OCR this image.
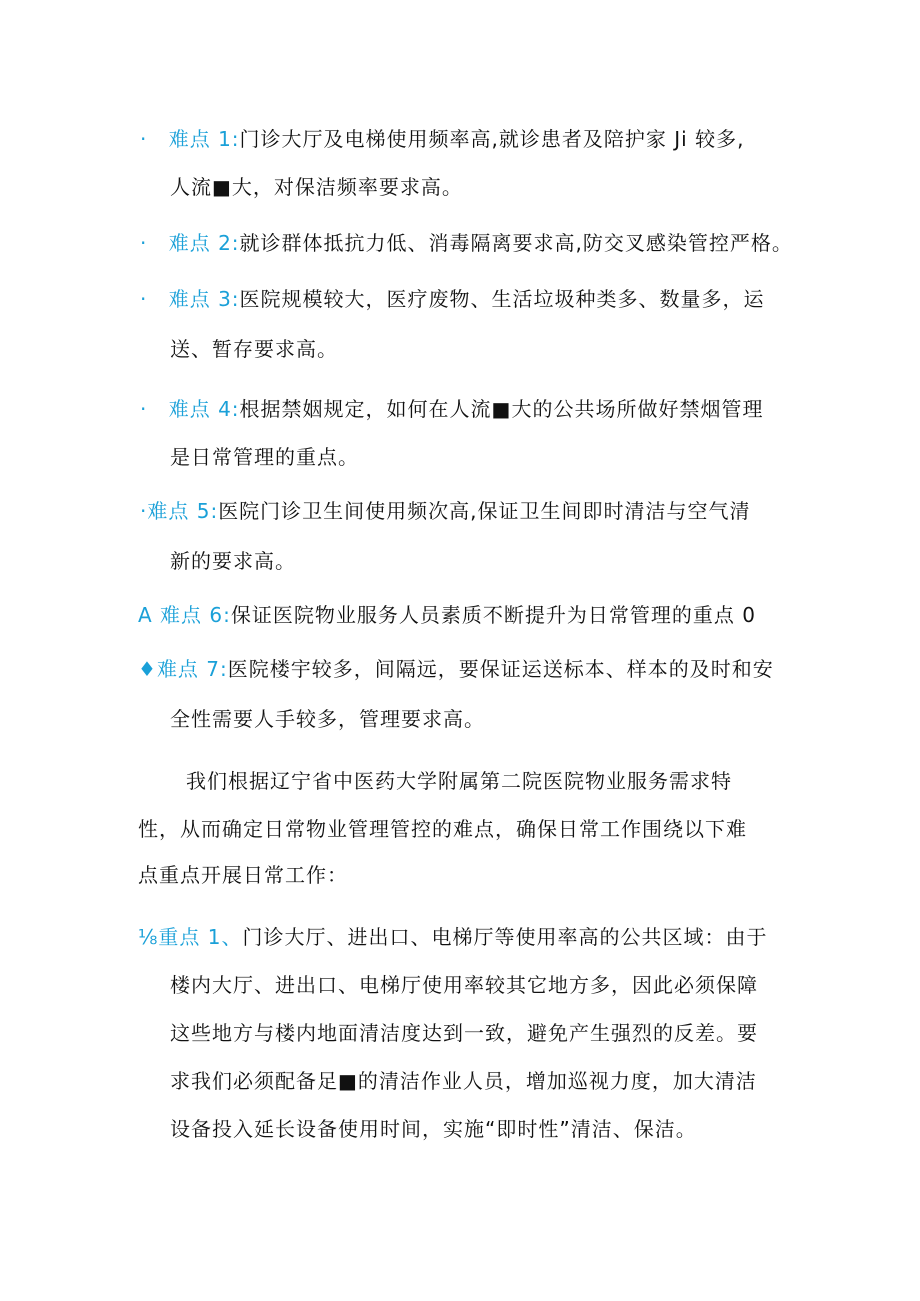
· 难点 1:门诊大厅及电梯使用频率高,就诊患者及陪护家 Ji 较多,
人流■大，对保洁频率要求高。
· 难点 2:就诊群体抵抗力低、消毒隔离要求高,防交叉感染管控严格。
· 难点 3:医院规模较大，医疗废物、生活垃圾种类多、数量多，运
送、暂存要求高。
· 难点 4:根据禁姻规定，如何在人流■大的公共场所做好禁烟管理
是日常管理的重点。
·难点 5:医院门诊卫生间使用频次高,保证卫生间即时清洁与空气清
新的要求高。
A 难点 6:保证医院物业服务人员素质不断提升为日常管理的重点 0
♦难点 7:医院楼宇较多，间隔远，要保证运送标本、样本的及时和安
全性需要人手较多，管理要求高。
我们根据辽宁省中医药大学附属第二院医院物业服务需求特
性，从而确定日常物业管理管控的难点，确保日常工作围绕以下难
点重点开展日常工作：
⅛重点 1、门诊大厅、进出口、电梯厅等使用率高的公共区域：由于
楼内大厅、进出口、电梯厅使用率较其它地方多，因此必须保障
这些地方与楼内地面清洁度达到一致，避免产生强烈的反差。要
求我们必须配备足■的清洁作业人员，增加巡视力度，加大清洁
设备投入延长设备使用时间，实施“即时性”清洁、保洁。
